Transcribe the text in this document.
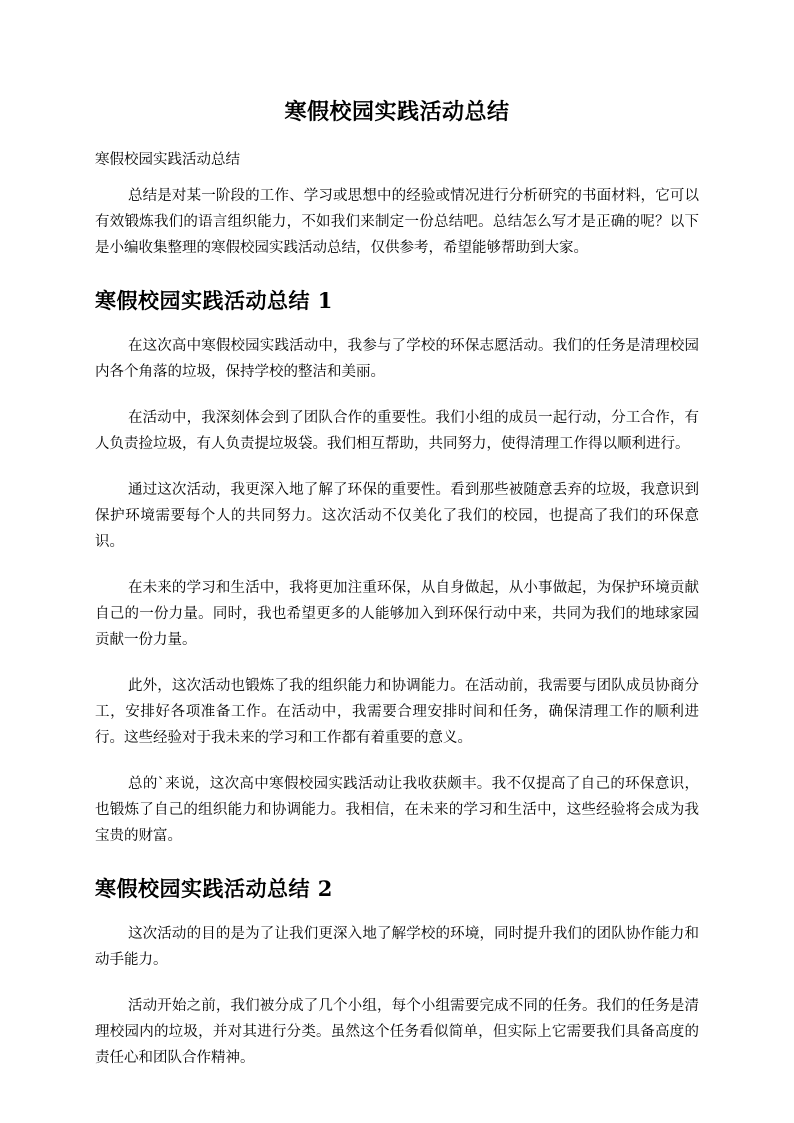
寒假校园实践活动总结

寒假校园实践活动总结

总结是对某一阶段的工作、学习或思想中的经验或情况进行分析研究的书面材料，它可以有效锻炼我们的语言组织能力，不如我们来制定一份总结吧。总结怎么写才是正确的呢？以下是小编收集整理的寒假校园实践活动总结，仅供参考，希望能够帮助到大家。

寒假校园实践活动总结 1

在这次高中寒假校园实践活动中，我参与了学校的环保志愿活动。我们的任务是清理校园内各个角落的垃圾，保持学校的整洁和美丽。

在活动中，我深刻体会到了团队合作的重要性。我们小组的成员一起行动，分工合作，有人负责捡垃圾，有人负责提垃圾袋。我们相互帮助，共同努力，使得清理工作得以顺利进行。

通过这次活动，我更深入地了解了环保的重要性。看到那些被随意丢弃的垃圾，我意识到保护环境需要每个人的共同努力。这次活动不仅美化了我们的校园，也提高了我们的环保意识。

在未来的学习和生活中，我将更加注重环保，从自身做起，从小事做起，为保护环境贡献自己的一份力量。同时，我也希望更多的人能够加入到环保行动中来，共同为我们的地球家园贡献一份力量。

此外，这次活动也锻炼了我的组织能力和协调能力。在活动前，我需要与团队成员协商分工，安排好各项准备工作。在活动中，我需要合理安排时间和任务，确保清理工作的顺利进行。这些经验对于我未来的学习和工作都有着重要的意义。

总的`来说，这次高中寒假校园实践活动让我收获颇丰。我不仅提高了自己的环保意识，也锻炼了自己的组织能力和协调能力。我相信，在未来的学习和生活中，这些经验将会成为我宝贵的财富。

寒假校园实践活动总结 2

这次活动的目的是为了让我们更深入地了解学校的环境，同时提升我们的团队协作能力和动手能力。

活动开始之前，我们被分成了几个小组，每个小组需要完成不同的任务。我们的任务是清理校园内的垃圾，并对其进行分类。虽然这个任务看似简单，但实际上它需要我们具备高度的责任心和团队合作精神。
